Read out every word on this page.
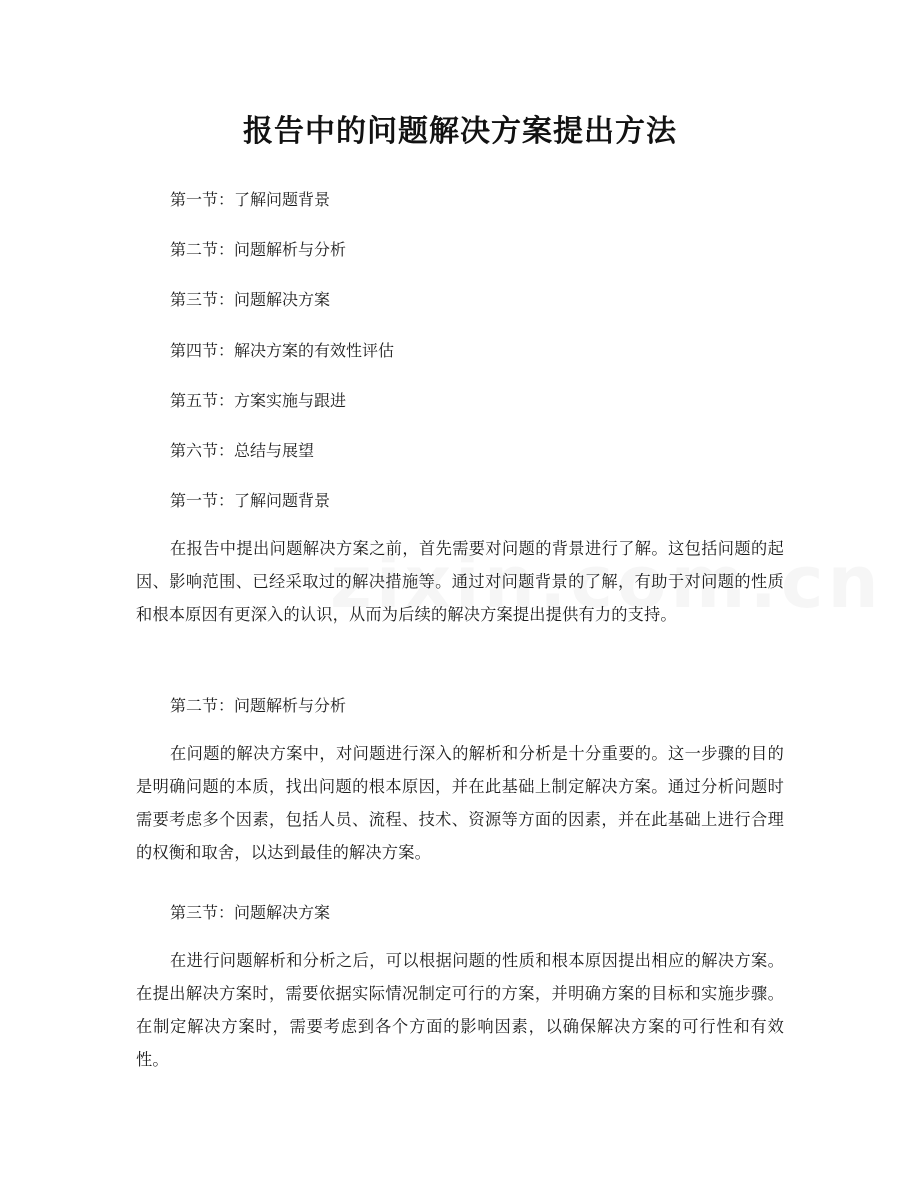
报告中的问题解决方案提出方法
第一节：了解问题背景
第二节：问题解析与分析
第三节：问题解决方案
第四节：解决方案的有效性评估
第五节：方案实施与跟进
第六节：总结与展望
第一节：了解问题背景
在报告中提出问题解决方案之前，首先需要对问题的背景进行了解。这包括问题的起因、影响范围、已经采取过的解决措施等。通过对问题背景的了解，有助于对问题的性质和根本原因有更深入的认识，从而为后续的解决方案提出提供有力的支持。
第二节：问题解析与分析
在问题的解决方案中，对问题进行深入的解析和分析是十分重要的。这一步骤的目的是明确问题的本质，找出问题的根本原因，并在此基础上制定解决方案。通过分析问题时需要考虑多个因素，包括人员、流程、技术、资源等方面的因素，并在此基础上进行合理的权衡和取舍，以达到最佳的解决方案。
第三节：问题解决方案
在进行问题解析和分析之后，可以根据问题的性质和根本原因提出相应的解决方案。在提出解决方案时，需要依据实际情况制定可行的方案，并明确方案的目标和实施步骤。在制定解决方案时，需要考虑到各个方面的影响因素，以确保解决方案的可行性和有效性。
